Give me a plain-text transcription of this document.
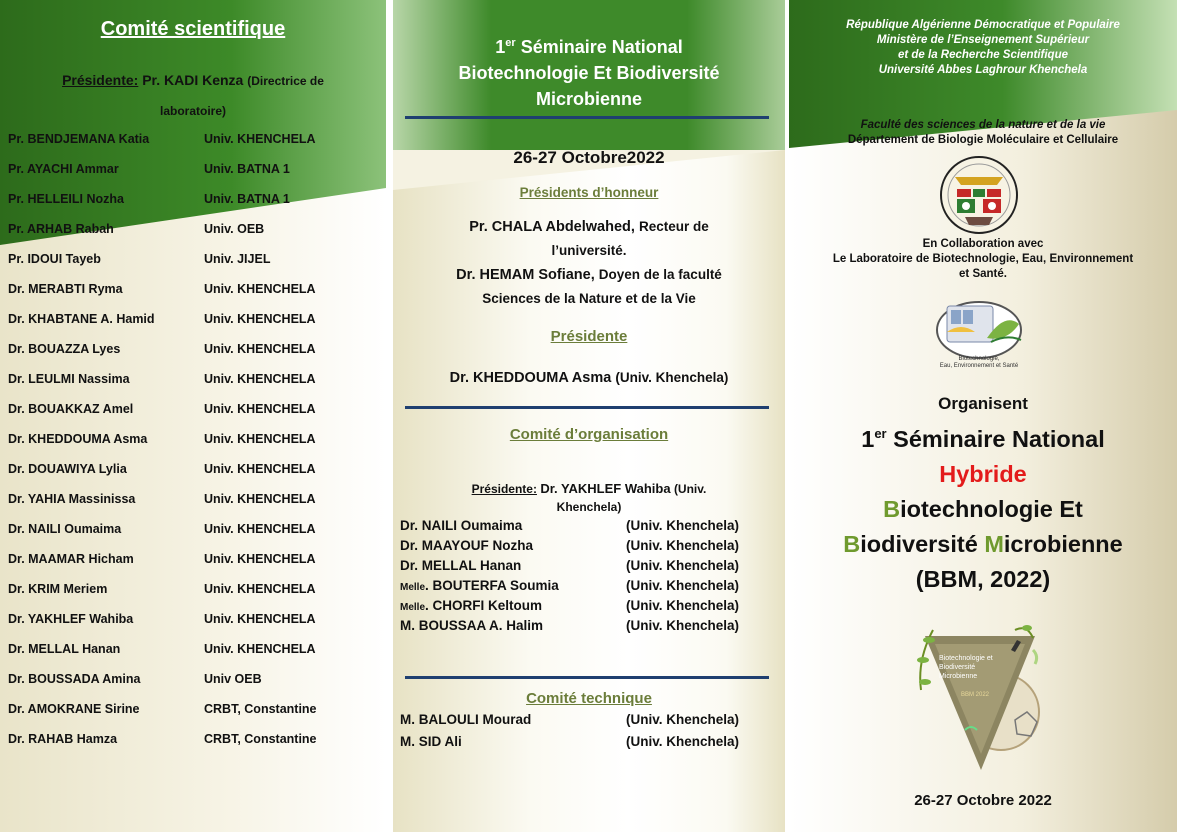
Comité scientifique
Présidente: Pr. KADI Kenza (Directrice de
laboratoire)
Pr. BENDJEMANA Katia	Univ. KHENCHELA
Pr. AYACHI Ammar	Univ. BATNA 1
Pr. HELLEILI Nozha	Univ. BATNA 1
Pr. ARHAB Rabah	Univ. OEB
Pr. IDOUI Tayeb	Univ. JIJEL
Dr. MERABTI Ryma	Univ. KHENCHELA
Dr. KHABTANE A. Hamid	Univ. KHENCHELA
Dr. BOUAZZA Lyes	Univ. KHENCHELA
Dr. LEULMI Nassima	Univ. KHENCHELA
Dr. BOUAKKAZ Amel	Univ. KHENCHELA
Dr. KHEDDOUMA Asma	Univ. KHENCHELA
Dr. DOUAWIYA Lylia	Univ. KHENCHELA
Dr. YAHIA Massinissa	Univ. KHENCHELA
Dr. NAILI Oumaima	Univ. KHENCHELA
Dr. MAAMAR Hicham	Univ. KHENCHELA
Dr. KRIM Meriem	Univ. KHENCHELA
Dr. YAKHLEF Wahiba	Univ. KHENCHELA
Dr. MELLAL Hanan	Univ. KHENCHELA
Dr. BOUSSADA Amina	Univ OEB
Dr. AMOKRANE Sirine	CRBT, Constantine
Dr. RAHAB Hamza	CRBT, Constantine
1er Séminaire National
Biotechnologie Et Biodiversité
Microbienne
26-27 Octobre2022
Présidents d’honneur
Pr. CHALA Abdelwahed, Recteur de
l’université.
Dr. HEMAM Sofiane, Doyen de la faculté
Sciences de la Nature et de la Vie
Présidente
Dr. KHEDDOUMA Asma (Univ. Khenchela)
Comité d’organisation
Présidente: Dr. YAKHLEF Wahiba (Univ.
Khenchela)
Dr. NAILI Oumaima	(Univ. Khenchela)
Dr. MAAYOUF Nozha	(Univ. Khenchela)
Dr. MELLAL Hanan	(Univ. Khenchela)
Melle. BOUTERFA Soumia	(Univ. Khenchela)
Melle. CHORFI Keltoum	(Univ. Khenchela)
M. BOUSSAA A. Halim	(Univ. Khenchela)
Comité technique
M. BALOULI Mourad	(Univ. Khenchela)
M. SID Ali	(Univ. Khenchela)
République Algérienne Démocratique et Populaire
Ministère de l’Enseignement Supérieur
et de la Recherche Scientifique
Université Abbes Laghrour Khenchela
Faculté des sciences de la nature et de la vie
Département de Biologie Moléculaire et Cellulaire
En Collaboration avec
Le Laboratoire de Biotechnologie, Eau, Environnement
et Santé.
Biotechnologie,
Eau, Environnement et Santé
Organisent
1er Séminaire National
Hybride
Biotechnologie Et
Biodiversité Microbienne
(BBM, 2022)
Biotechnologie et
Biodiversité
Microbienne
BBM 2022
26-27 Octobre 2022
